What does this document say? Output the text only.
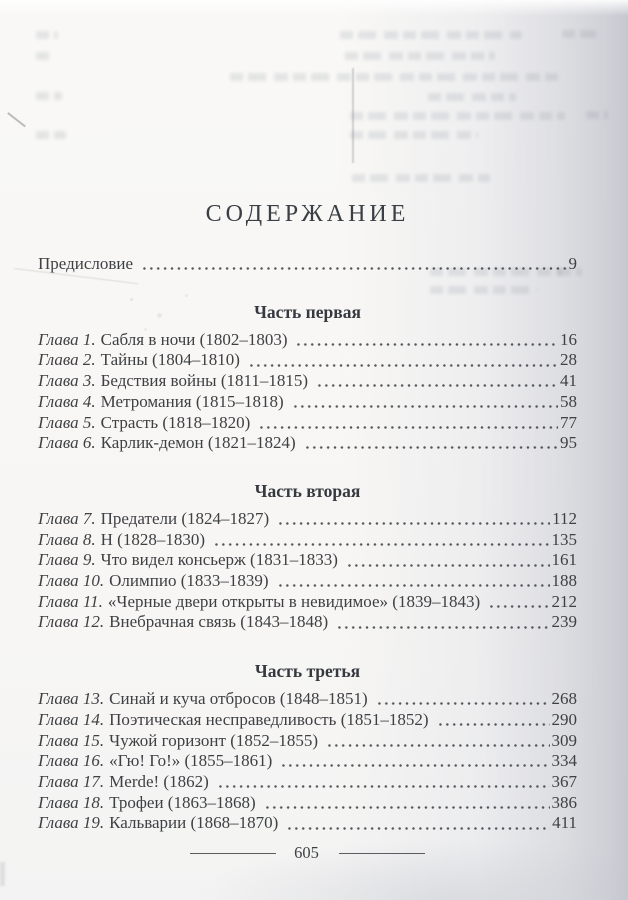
СОДЕРЖАНИЕ
Предисловие	9
Часть первая
Глава 1. Сабля в ночи (1802–1803)	16
Глава 2. Тайны (1804–1810)	28
Глава 3. Бедствия войны (1811–1815)	41
Глава 4. Метромания (1815–1818)	58
Глава 5. Страсть (1818–1820)	77
Глава 6. Карлик-демон (1821–1824)	95
Часть вторая
Глава 7. Предатели (1824–1827)	112
Глава 8. Н (1828–1830)	135
Глава 9. Что видел консьерж (1831–1833)	161
Глава 10. Олимпио (1833–1839)	188
Глава 11. «Черные двери открыты в невидимое» (1839–1843)	212
Глава 12. Внебрачная связь (1843–1848)	239
Часть третья
Глава 13. Синай и куча отбросов (1848–1851)	268
Глава 14. Поэтическая несправедливость (1851–1852)	290
Глава 15. Чужой горизонт (1852–1855)	309
Глава 16. «Гю! Го!» (1855–1861)	334
Глава 17. Merde! (1862)	367
Глава 18. Трофеи (1863–1868)	386
Глава 19. Кальварии (1868–1870)	411
605
